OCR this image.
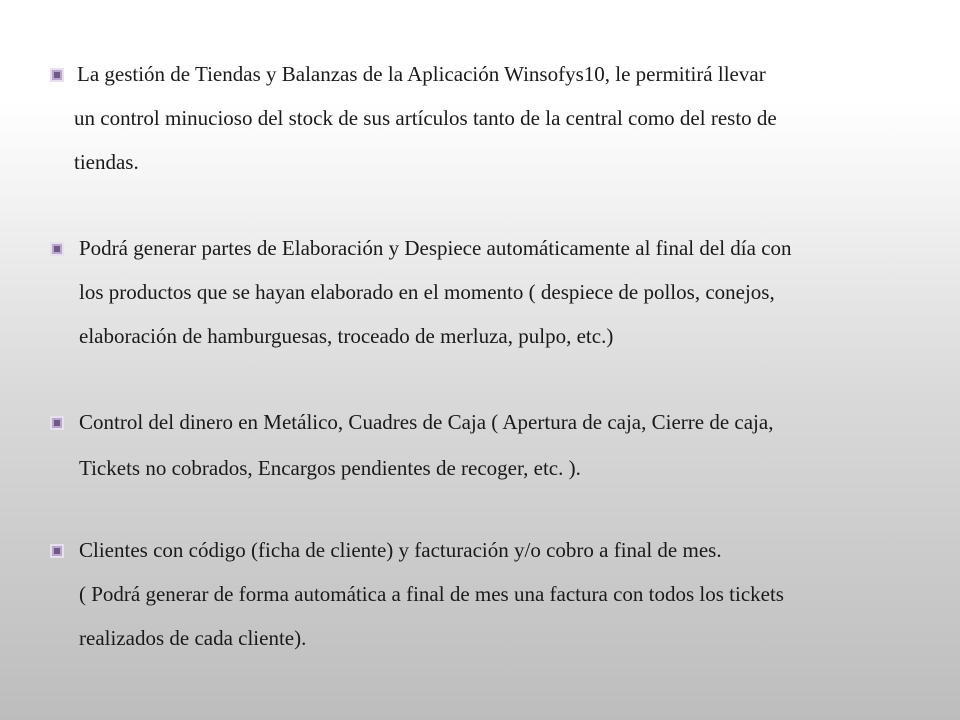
La gestión de Tiendas y Balanzas de la Aplicación Winsofys10, le permitirá llevar
un control minucioso del stock de sus artículos tanto de la central como del resto de
tiendas.
Podrá generar partes de Elaboración y Despiece automáticamente al final del día con
los productos que se hayan elaborado en el momento ( despiece de pollos, conejos,
elaboración de hamburguesas, troceado de merluza, pulpo, etc.)
Control del dinero en Metálico, Cuadres de Caja ( Apertura de caja, Cierre de caja,
Tickets no cobrados, Encargos pendientes de recoger, etc. ).
Clientes con código (ficha de cliente) y facturación y/o cobro a final de mes.
( Podrá generar de forma automática a final de mes una factura con todos los tickets
realizados de cada cliente).
